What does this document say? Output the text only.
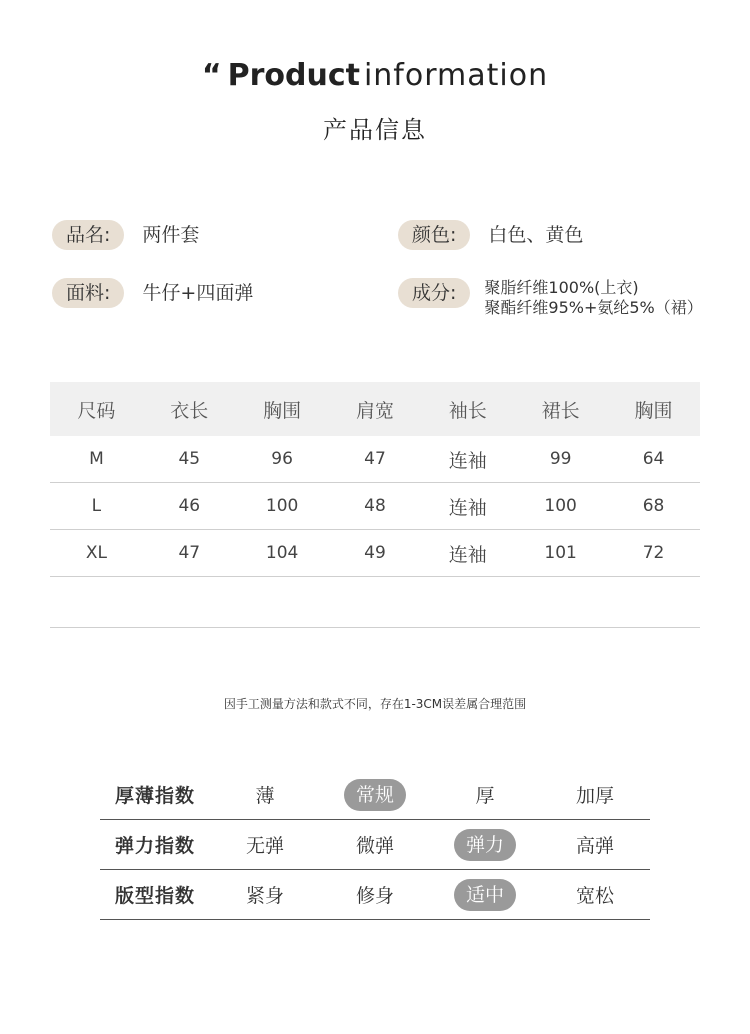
“ Product information
产品信息
品名:	两件套	颜色:	白色、黄色
面料:	牛仔+四面弹	成分:	聚脂纤维100%(上衣)
聚酯纤维95%+氨纶5%（裙）
尺码	衣长	胸围	肩宽	袖长	裙长	胸围
M	45	96	47	连袖	99	64
L	46	100	48	连袖	100	68
XL	47	104	49	连袖	101	72

因手工测量方法和款式不同，存在1-3CM误差属合理范围
厚薄指数	薄	常规	厚	加厚
弹力指数	无弹	微弹	弹力	高弹
版型指数	紧身	修身	适中	宽松
